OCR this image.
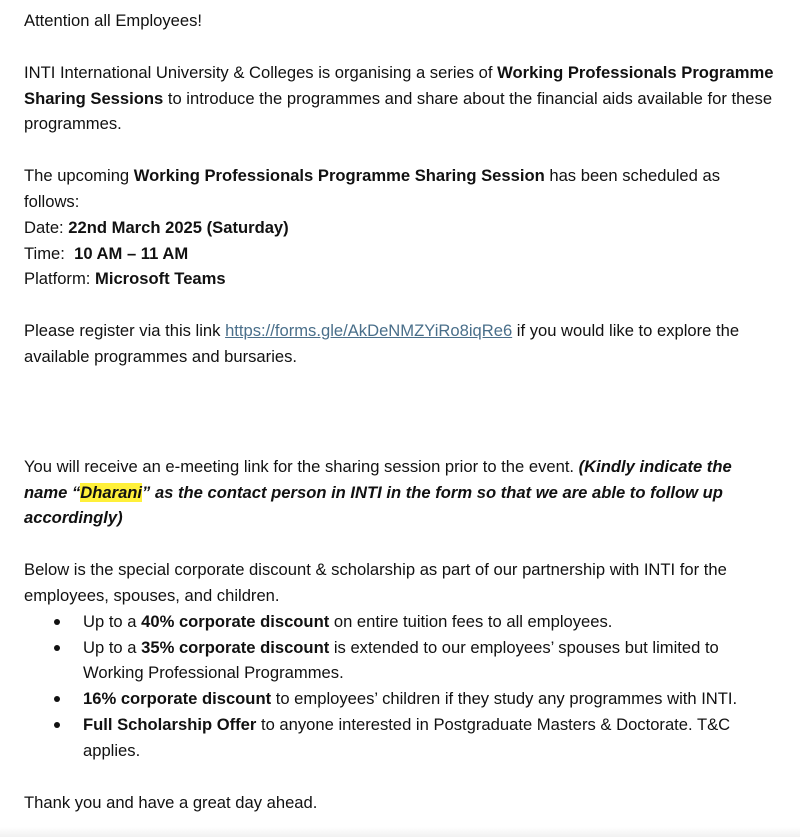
Attention all Employees!

INTI International University & Colleges is organising a series of Working Professionals Programme Sharing Sessions to introduce the programmes and share about the financial aids available for these programmes.

The upcoming Working Professionals Programme Sharing Session has been scheduled as follows:

Date: 22nd March 2025 (Saturday)

Time:  10 AM – 11 AM

Platform: Microsoft Teams

Please register via this link https://forms.gle/AkDeNMZYiRo8iqRe6 if you would like to explore the available programmes and bursaries.

You will receive an e-meeting link for the sharing session prior to the event. (Kindly indicate the name “Dharani” as the contact person in INTI in the form so that we are able to follow up accordingly)

Below is the special corporate discount & scholarship as part of our partnership with INTI for the employees, spouses, and children.

Up to a 40% corporate discount on entire tuition fees to all employees.
Up to a 35% corporate discount is extended to our employees’ spouses but limited to Working Professional Programmes.
16% corporate discount to employees’ children if they study any programmes with INTI.
Full Scholarship Offer to anyone interested in Postgraduate Masters & Doctorate. T&C applies.

Thank you and have a great day ahead.
